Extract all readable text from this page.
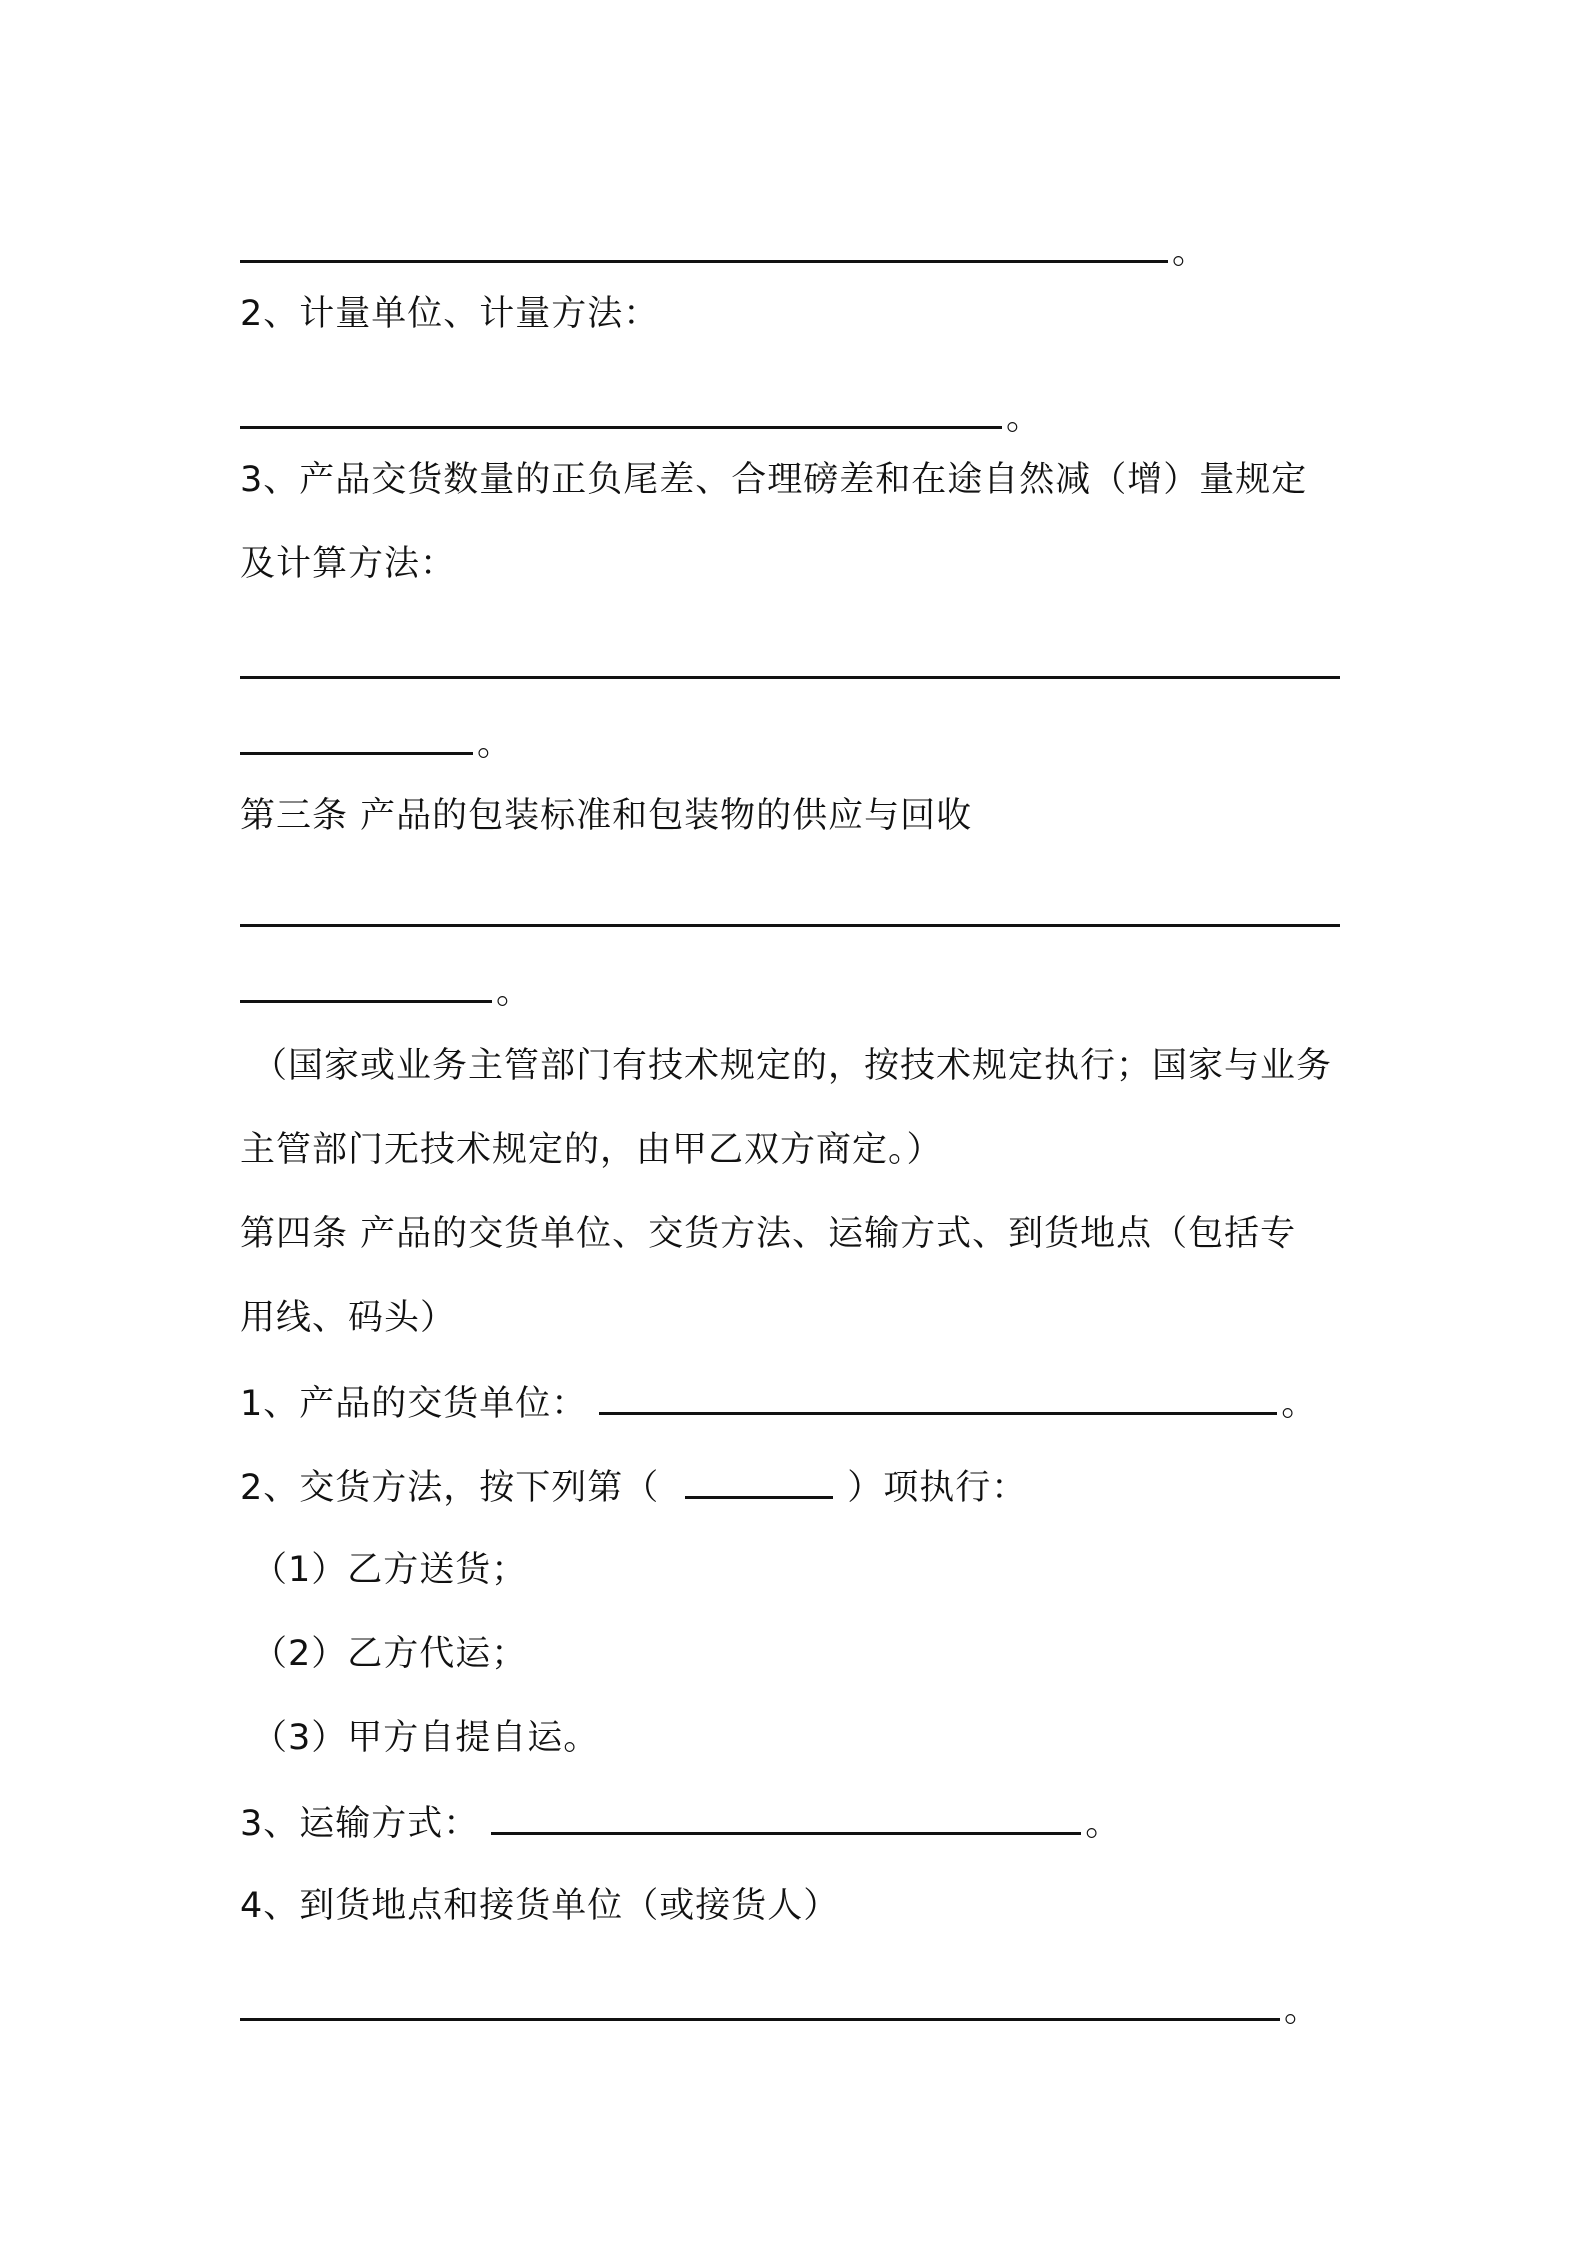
。
2、计量单位、计量方法：
。
3、产品交货数量的正负尾差、合理磅差和在途自然减（增）量规定
及计算方法：
。
第三条 产品的包装标准和包装物的供应与回收
。
（国家或业务主管部门有技术规定的，按技术规定执行；国家与业务
主管部门无技术规定的，由甲乙双方商定。）
第四条 产品的交货单位、交货方法、运输方式、到货地点（包括专
用线、码头）
1、产品的交货单位：	。
2、交货方法，按下列第（	）项执行：
（1）乙方送货；
（2）乙方代运；
（3）甲方自提自运。
3、运输方式：	。
4、到货地点和接货单位（或接货人）
。
